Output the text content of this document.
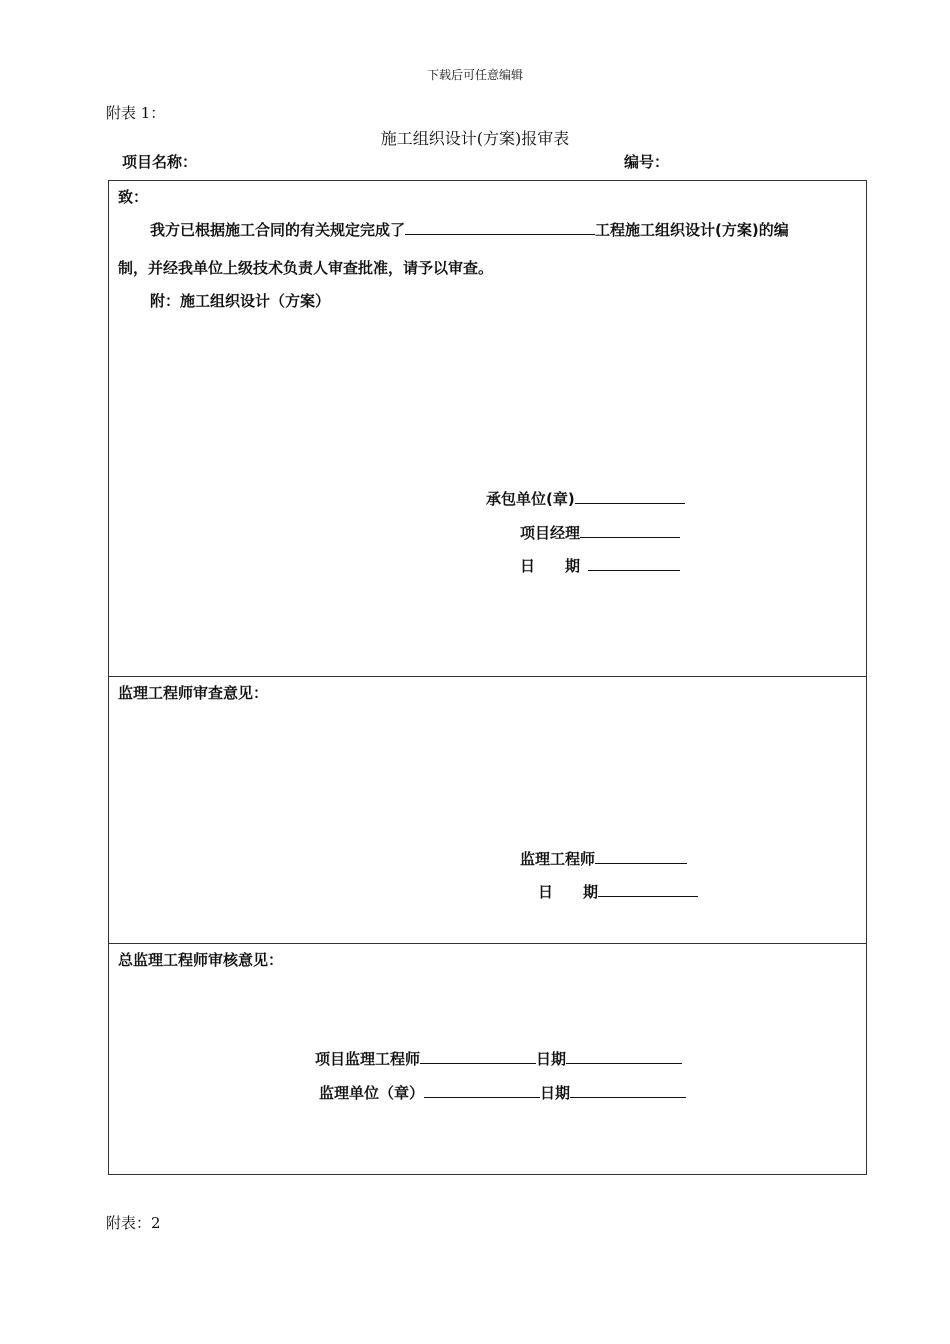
下载后可任意编辑
附表 1：
施工组织设计(方案)报审表
项目名称：	编号：
致：
我方已根据施工合同的有关规定完成了	工程施工组织设计(方案)的编
制，并经我单位上级技术负责人审查批准，请予以审查。
附：施工组织设计（方案）
承包单位(章)
项目经理
日　　期
监理工程师审查意见：
监理工程师
日　　期
总监理工程师审核意见：
项目监理工程师	日期
监理单位（章）	日期
附表：2
